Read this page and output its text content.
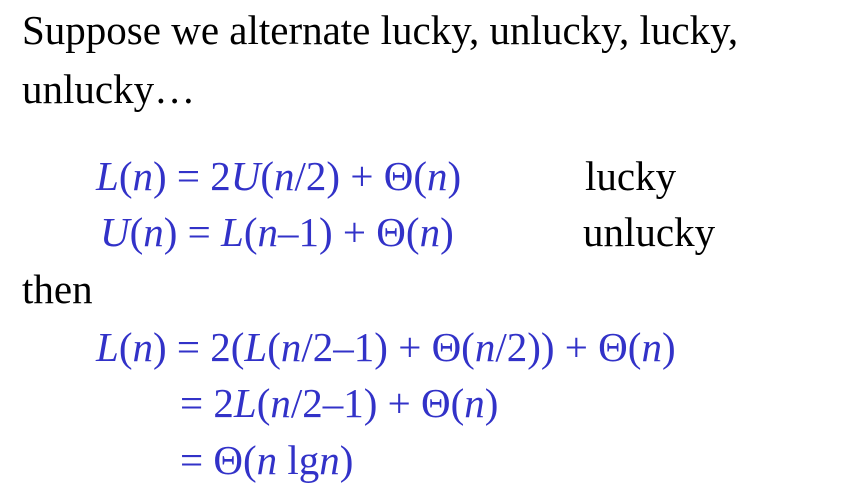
Suppose we alternate lucky, unlucky, lucky,
unlucky…
L(n) = 2U(n/2) + Θ(n)	lucky
U(n) = L(n–1) + Θ(n)	unlucky
then
L(n) = 2(L(n/2–1) + Θ(n/2)) + Θ(n)
= 2L(n/2–1) + Θ(n)
= Θ(n lgn)
